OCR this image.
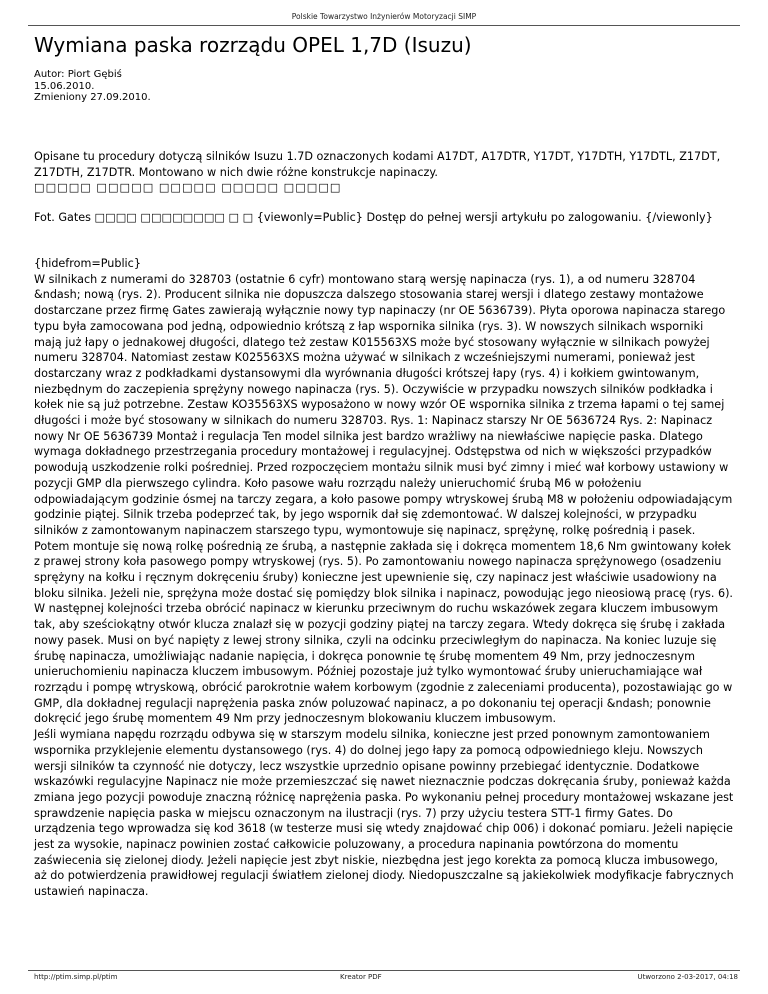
Polskie Towarzystwo Inżynierów Motoryzacji SIMP
Wymiana paska rozrządu OPEL 1,7D (Isuzu)
Autor: Piort Gębiś
15.06.2010.
Zmieniony 27.09.2010.

Opisane tu procedury dotyczą silników Isuzu 1.7D oznaczonych kodami A17DT, A17DTR, Y17DT, Y17DTH, Y17DTL, Z17DT, Z17DTH, Z17DTR. Montowano w nich dwie różne konstrukcje napinaczy.
□□□□□ □□□□□ □□□□□ □□□□□ □□□□□

Fot. Gates □□□□ □□□□□□□□ □ □ {viewonly=Public} Dostęp do pełnej wersji artykułu po zalogowaniu. {/viewonly}

{hidefrom=Public}
W silnikach z numerami do 328703 (ostatnie 6 cyfr) montowano starą wersję napinacza (rys. 1), a od numeru 328704 &ndash; nową (rys. 2). Producent silnika nie dopuszcza dalszego stosowania starej wersji i dlatego zestawy montażowe dostarczane przez firmę Gates zawierają wyłącznie nowy typ napinaczy (nr OE 5636739). Płyta oporowa napinacza starego typu była zamocowana pod jedną, odpowiednio krótszą z łap wspornika silnika (rys. 3). W nowszych silnikach wsporniki mają już łapy o jednakowej długości, dlatego też zestaw K015563XS może być stosowany wyłącznie w silnikach powyżej numeru 328704. Natomiast zestaw K025563XS można używać w silnikach z wcześniejszymi numerami, ponieważ jest dostarczany wraz z podkładkami dystansowymi dla wyrównania długości krótszej łapy (rys. 4) i kołkiem gwintowanym, niezbędnym do zaczepienia sprężyny nowego napinacza (rys. 5). Oczywiście w przypadku nowszych silników podkładka i kołek nie są już potrzebne. Zestaw KO35563XS wyposażono w nowy wzór OE wspornika silnika z trzema łapami o tej samej długości i może być stosowany w silnikach do numeru 328703. Rys. 1: Napinacz starszy Nr OE 5636724 Rys. 2: Napinacz nowy Nr OE 5636739 Montaż i regulacja Ten model silnika jest bardzo wrażliwy na niewłaściwe napięcie paska. Dlatego wymaga dokładnego przestrzegania procedury montażowej i regulacyjnej. Odstępstwa od nich w większości przypadków powodują uszkodzenie rolki pośredniej. Przed rozpoczęciem montażu silnik musi być zimny i mieć wał korbowy ustawiony w pozycji GMP dla pierwszego cylindra. Koło pasowe wału rozrządu należy unieruchomić śrubą M6 w położeniu odpowiadającym godzinie ósmej na tarczy zegara, a koło pasowe pompy wtryskowej śrubą M8 w położeniu odpowiadającym godzinie piątej. Silnik trzeba podeprzeć tak, by jego wspornik dał się zdemontować. W dalszej kolejności, w przypadku silników z zamontowanym napinaczem starszego typu, wymontowuje się napinacz, sprężynę, rolkę pośrednią i pasek. Potem montuje się nową rolkę pośrednią ze śrubą, a następnie zakłada się i dokręca momentem 18,6 Nm gwintowany kołek z prawej strony koła pasowego pompy wtryskowej (rys. 5). Po zamontowaniu nowego napinacza sprężynowego (osadzeniu sprężyny na kołku i ręcznym dokręceniu śruby) konieczne jest upewnienie się, czy napinacz jest właściwie usadowiony na bloku silnika. Jeżeli nie, sprężyna może dostać się pomiędzy blok silnika i napinacz, powodując jego nieosiową pracę (rys. 6). W następnej kolejności trzeba obrócić napinacz w kierunku przeciwnym do ruchu wskazówek zegara kluczem imbusowym tak, aby sześciokątny otwór klucza znalazł się w pozycji godziny piątej na tarczy zegara. Wtedy dokręca się śrubę i zakłada nowy pasek. Musi on być napięty z lewej strony silnika, czyli na odcinku przeciwległym do napinacza. Na koniec luzuje się śrubę napinacza, umożliwiając nadanie napięcia, i dokręca ponownie tę śrubę momentem 49 Nm, przy jednoczesnym unieruchomieniu napinacza kluczem imbusowym. Później pozostaje już tylko wymontować śruby unieruchamiające wał rozrządu i pompę wtryskową, obrócić parokrotnie wałem korbowym (zgodnie z zaleceniami producenta), pozostawiając go w GMP, dla dokładnej regulacji naprężenia paska znów poluzować napinacz, a po dokonaniu tej operacji &ndash; ponownie dokręcić jego śrubę momentem 49 Nm przy jednoczesnym blokowaniu kluczem imbusowym.
Jeśli wymiana napędu rozrządu odbywa się w starszym modelu silnika, konieczne jest przed ponownym zamontowaniem wspornika przyklejenie elementu dystansowego (rys. 4) do dolnej jego łapy za pomocą odpowiedniego kleju. Nowszych wersji silników ta czynność nie dotyczy, lecz wszystkie uprzednio opisane powinny przebiegać identycznie. Dodatkowe wskazówki regulacyjne Napinacz nie może przemieszczać się nawet nieznacznie podczas dokręcania śruby, ponieważ każda zmiana jego pozycji powoduje znaczną różnicę naprężenia paska. Po wykonaniu pełnej procedury montażowej wskazane jest sprawdzenie napięcia paska w miejscu oznaczonym na ilustracji (rys. 7) przy użyciu testera STT-1 firmy Gates. Do urządzenia tego wprowadza się kod 3618 (w testerze musi się wtedy znajdować chip 006) i dokonać pomiaru. Jeżeli napięcie jest za wysokie, napinacz powinien zostać całkowicie poluzowany, a procedura napinania powtórzona do momentu zaświecenia się zielonej diody. Jeżeli napięcie jest zbyt niskie, niezbędna jest jego korekta za pomocą klucza imbusowego, aż do potwierdzenia prawidłowej regulacji światłem zielonej diody. Niedopuszczalne są jakiekolwiek modyfikacje fabrycznych ustawień napinacza.
http://ptim.simp.pl/ptim	Kreator PDF	Utworzono 2-03-2017, 04:18
